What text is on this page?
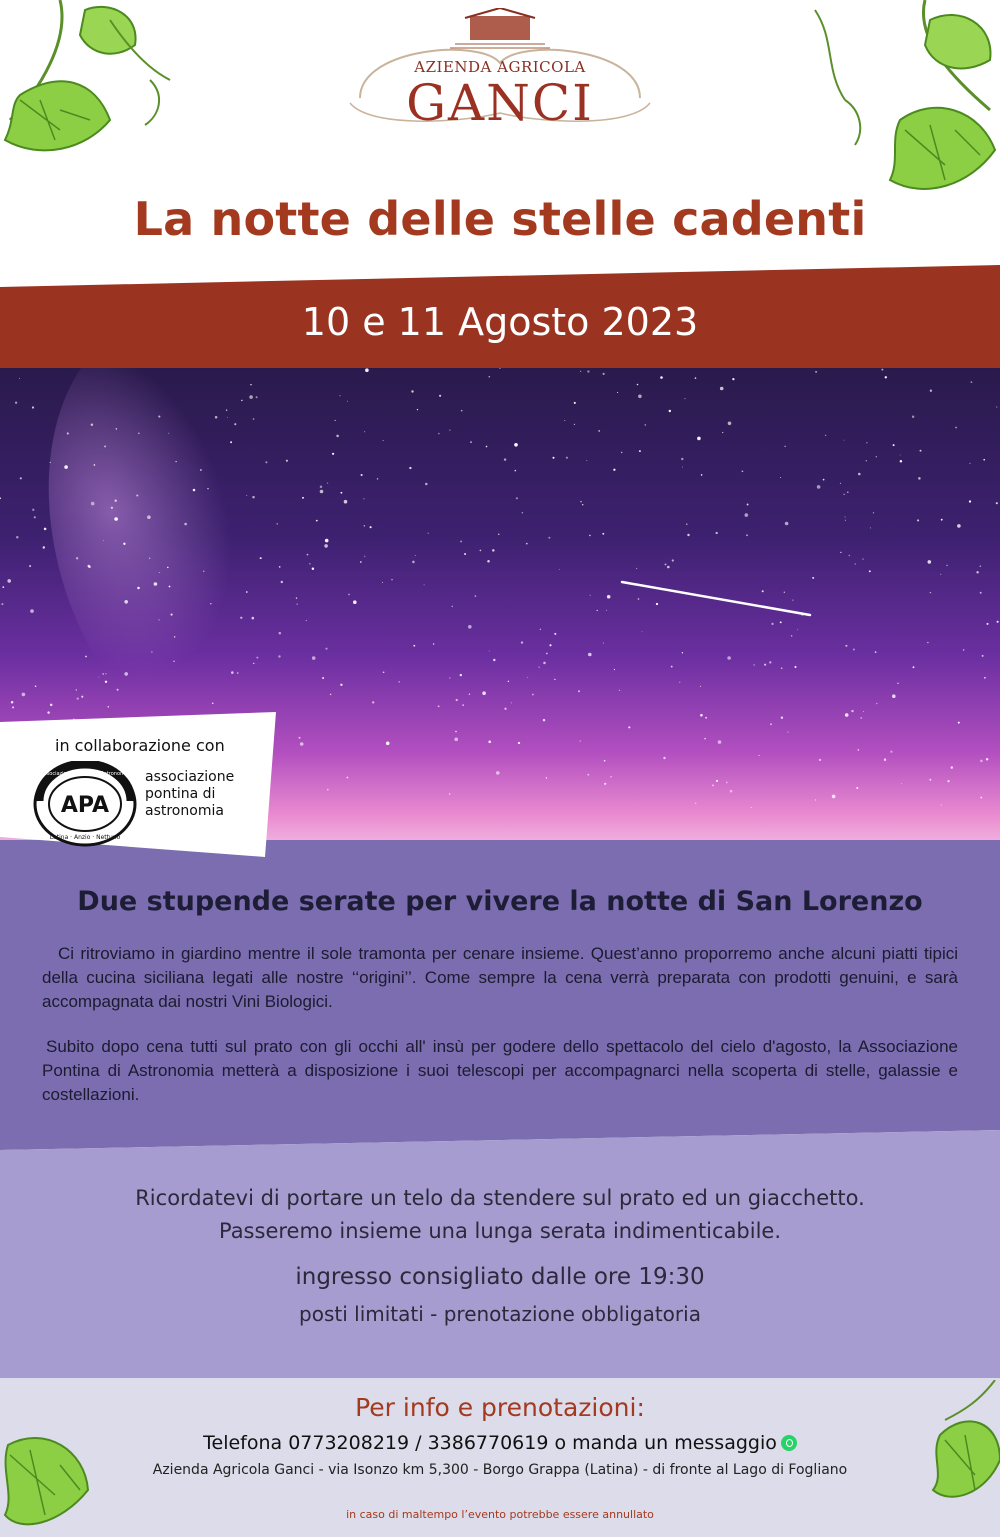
AZIENDA AGRICOLA
GANCI
La notte delle stelle cadenti
10 e 11 Agosto 2023
in collaborazione con
APA
Latina · Anzio · Nettuno
Associazione Pontina di Astronomia associazione
pontina di
astronomia
Due stupende serate per vivere la notte di San Lorenzo
Ci ritroviamo in giardino mentre il sole tramonta per cenare insieme. Quest’anno proporremo anche alcuni piatti tipici della cucina siciliana legati alle nostre ‘‘origini’’. Come sempre la cena verrà preparata con prodotti genuini, e sarà accompagnata dai nostri Vini Biologici.
Subito dopo cena tutti sul prato con gli occhi all' insù per godere dello spettacolo del cielo d'agosto, la Associazione Pontina di Astronomia metterà a disposizione i suoi telescopi per accompagnarci nella scoperta di stelle, galassie e costellazioni.
Ricordatevi di portare un telo da stendere sul prato ed un giacchetto.
Passeremo insieme una lunga serata indimenticabile.
ingresso consigliato dalle ore 19:30
posti limitati - prenotazione obbligatoria
Per info e prenotazioni:
Telefona 0773208219 / 3386770619 o manda un messaggio
Azienda Agricola Ganci - via Isonzo km 5,300 - Borgo Grappa (Latina) - di fronte al Lago di Fogliano
in caso di maltempo l’evento potrebbe essere annullato
